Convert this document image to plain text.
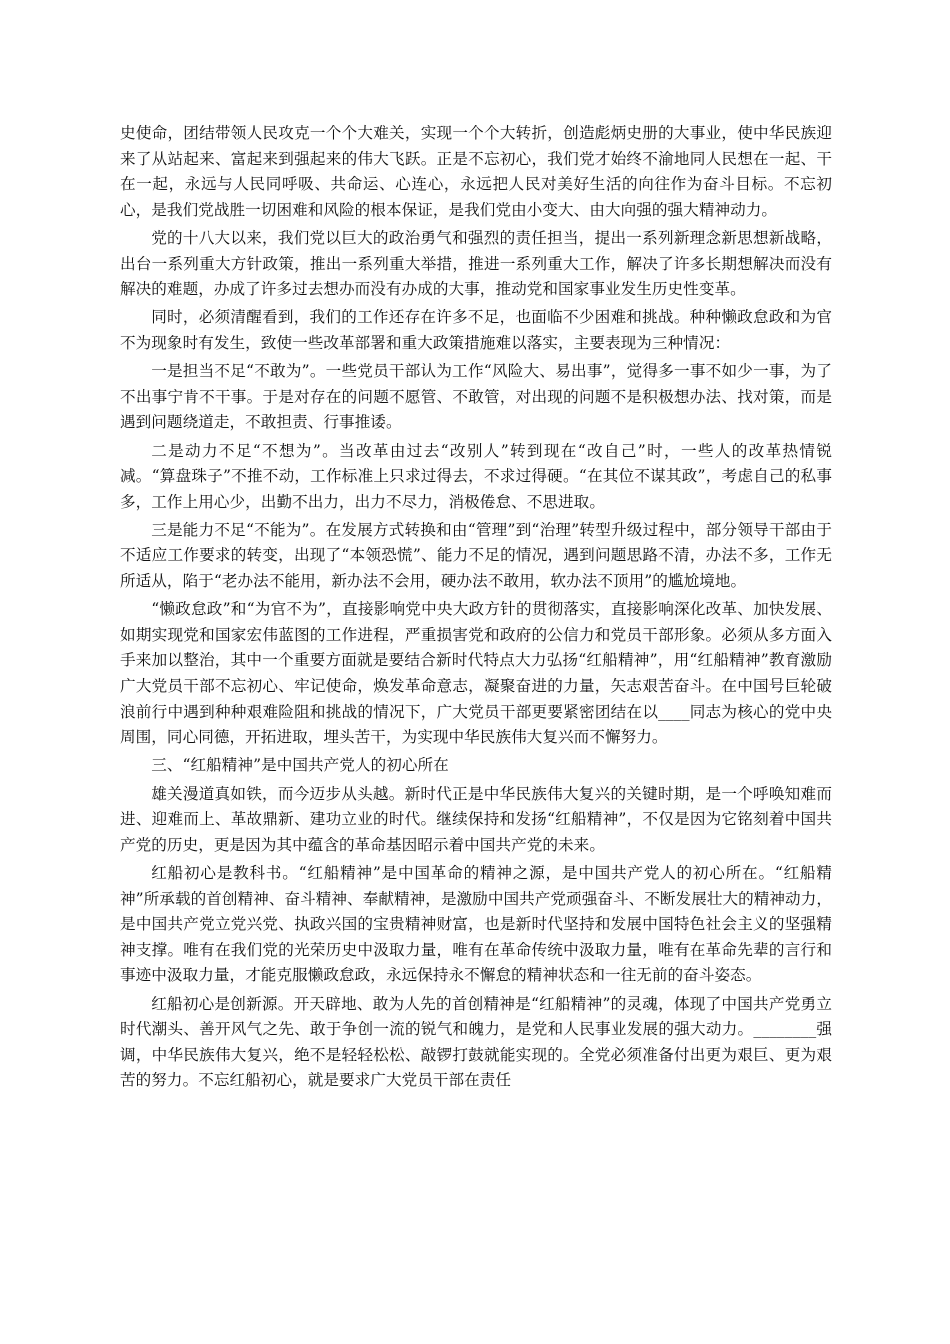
史使命，团结带领人民攻克一个个大难关，实现一个个大转折，创造彪炳史册的大事业，使中华民族迎来了从站起来、富起来到强起来的伟大飞跃。正是不忘初心，我们党才始终不渝地同人民想在一起、干在一起，永远与人民同呼吸、共命运、心连心，永远把人民对美好生活的向往作为奋斗目标。不忘初心，是我们党战胜一切困难和风险的根本保证，是我们党由小变大、由大向强的强大精神动力。

党的十八大以来，我们党以巨大的政治勇气和强烈的责任担当，提出一系列新理念新思想新战略，出台一系列重大方针政策，推出一系列重大举措，推进一系列重大工作，解决了许多长期想解决而没有解决的难题，办成了许多过去想办而没有办成的大事，推动党和国家事业发生历史性变革。

同时，必须清醒看到，我们的工作还存在许多不足，也面临不少困难和挑战。种种懒政怠政和为官不为现象时有发生，致使一些改革部署和重大政策措施难以落实，主要表现为三种情况：

一是担当不足“不敢为”。一些党员干部认为工作“风险大、易出事”，觉得多一事不如少一事，为了不出事宁肯不干事。于是对存在的问题不愿管、不敢管，对出现的问题不是积极想办法、找对策，而是遇到问题绕道走，不敢担责、行事推诿。

二是动力不足“不想为”。当改革由过去“改别人”转到现在“改自己”时，一些人的改革热情锐减。“算盘珠子”不推不动，工作标准上只求过得去，不求过得硬。“在其位不谋其政”，考虑自己的私事多，工作上用心少，出勤不出力，出力不尽力，消极倦怠、不思进取。

三是能力不足“不能为”。在发展方式转换和由“管理”到“治理”转型升级过程中，部分领导干部由于不适应工作要求的转变，出现了“本领恐慌”、能力不足的情况，遇到问题思路不清，办法不多，工作无所适从，陷于“老办法不能用，新办法不会用，硬办法不敢用，软办法不顶用”的尴尬境地。

“懒政怠政”和“为官不为”，直接影响党中央大政方针的贯彻落实，直接影响深化改革、加快发展、如期实现党和国家宏伟蓝图的工作进程，严重损害党和政府的公信力和党员干部形象。必须从多方面入手来加以整治，其中一个重要方面就是要结合新时代特点大力弘扬“红船精神”，用“红船精神”教育激励广大党员干部不忘初心、牢记使命，焕发革命意志，凝聚奋进的力量，矢志艰苦奋斗。在中国号巨轮破浪前行中遇到种种艰难险阻和挑战的情况下，广大党员干部更要紧密团结在以____同志为核心的党中央周围，同心同德，开拓进取，埋头苦干，为实现中华民族伟大复兴而不懈努力。

三、“红船精神”是中国共产党人的初心所在

雄关漫道真如铁，而今迈步从头越。新时代正是中华民族伟大复兴的关键时期，是一个呼唤知难而进、迎难而上、革故鼎新、建功立业的时代。继续保持和发扬“红船精神”，不仅是因为它铭刻着中国共产党的历史，更是因为其中蕴含的革命基因昭示着中国共产党的未来。

红船初心是教科书。“红船精神”是中国革命的精神之源，是中国共产党人的初心所在。“红船精神”所承载的首创精神、奋斗精神、奉献精神，是激励中国共产党顽强奋斗、不断发展壮大的精神动力，是中国共产党立党兴党、执政兴国的宝贵精神财富，也是新时代坚持和发展中国特色社会主义的坚强精神支撑。唯有在我们党的光荣历史中汲取力量，唯有在革命传统中汲取力量，唯有在革命先辈的言行和事迹中汲取力量，才能克服懒政怠政，永远保持永不懈怠的精神状态和一往无前的奋斗姿态。

红船初心是创新源。开天辟地、敢为人先的首创精神是“红船精神”的灵魂，体现了中国共产党勇立时代潮头、善开风气之先、敢于争创一流的锐气和魄力，是党和人民事业发展的强大动力。________强调，中华民族伟大复兴，绝不是轻轻松松、敲锣打鼓就能实现的。全党必须准备付出更为艰巨、更为艰苦的努力。不忘红船初心，就是要求广大党员干部在责任
